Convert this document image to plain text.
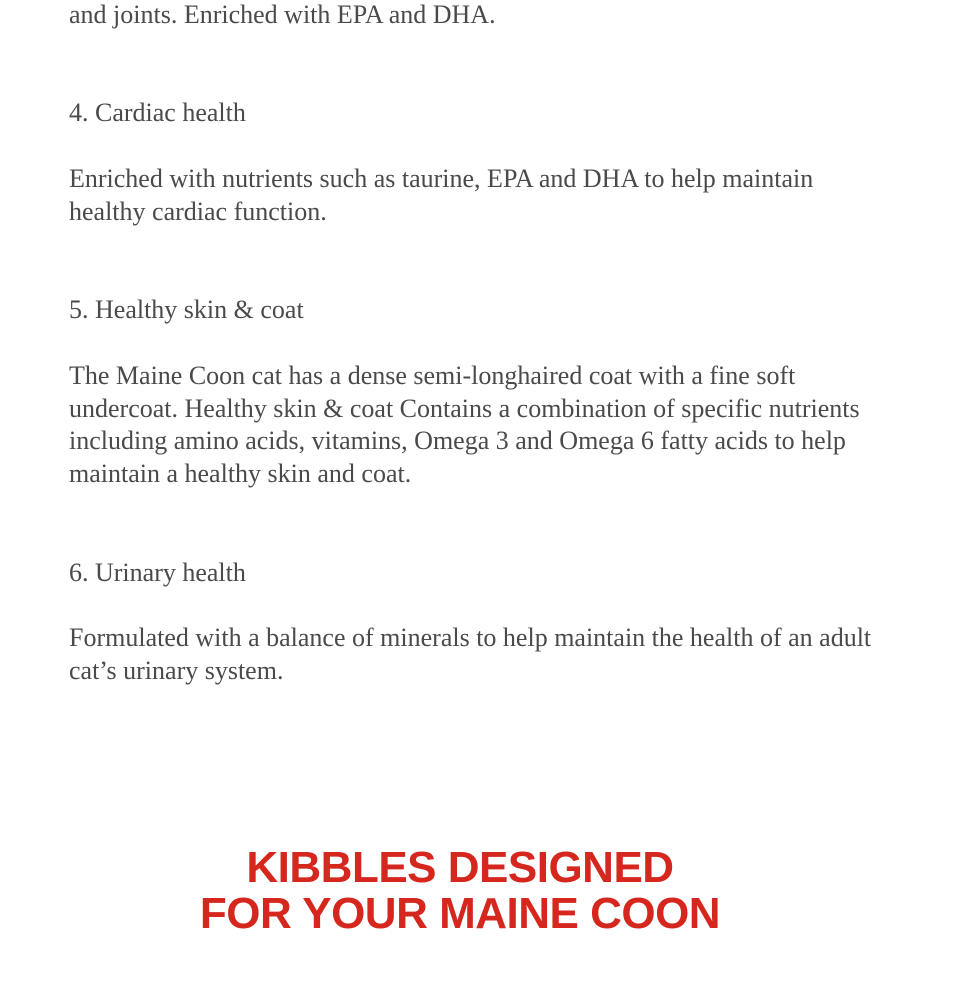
and joints. Enriched with EPA and DHA.

4. Cardiac health

Enriched with nutrients such as taurine, EPA and DHA to help maintain healthy cardiac function.

5. Healthy skin & coat

The Maine Coon cat has a dense semi-longhaired coat with a fine soft undercoat. Healthy skin & coat Contains a combination of specific nutrients including amino acids, vitamins, Omega 3 and Omega 6 fatty acids to help maintain a healthy skin and coat.

6. Urinary health

Formulated with a balance of minerals to help maintain the health of an adult cat’s urinary system.

KIBBLES DESIGNED
FOR YOUR MAINE COON
